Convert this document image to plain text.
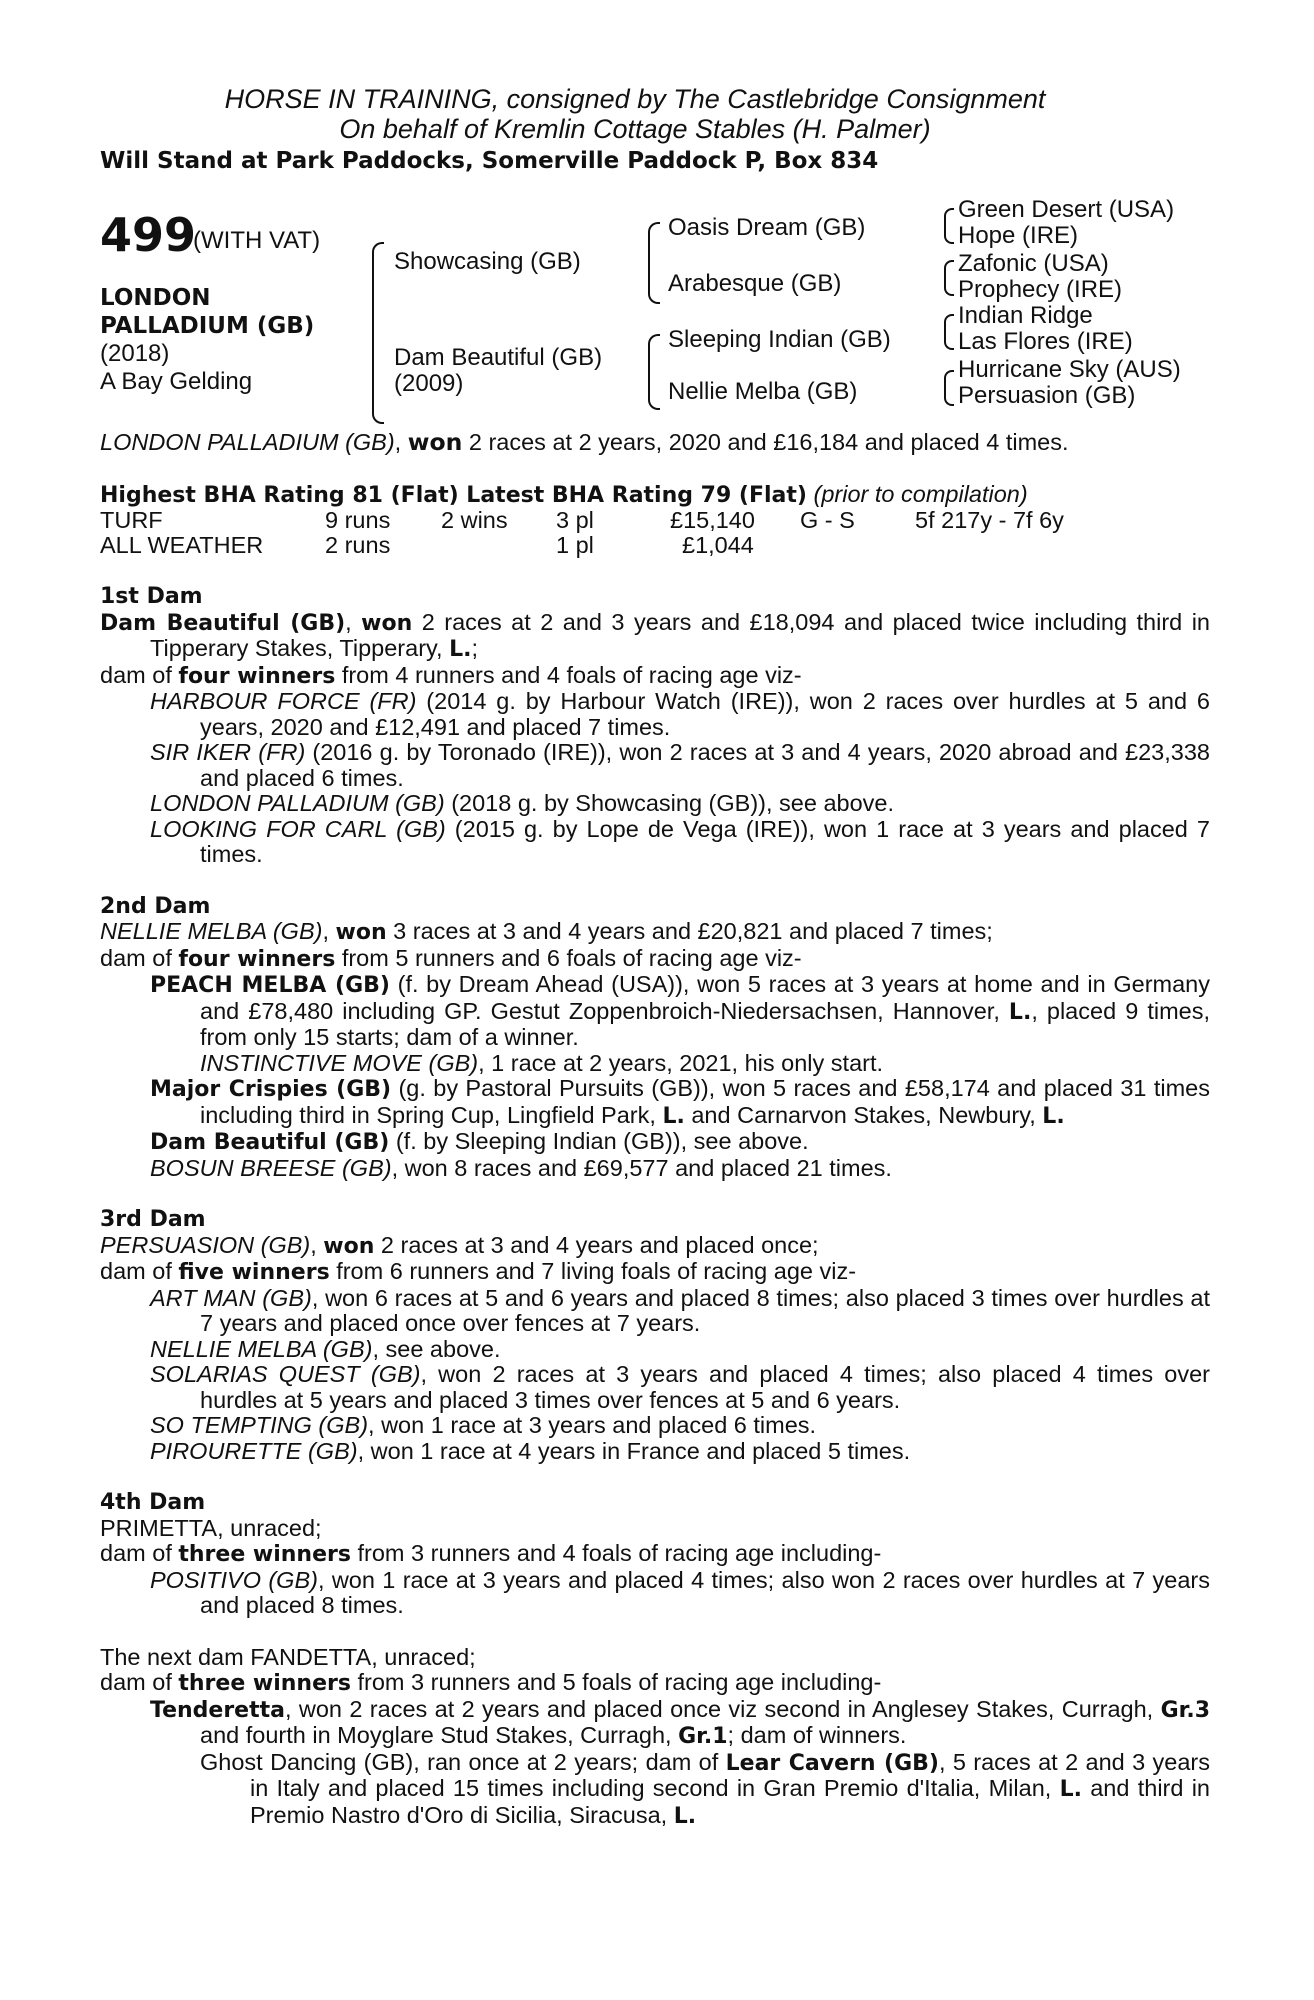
HORSE IN TRAINING, consigned by The Castlebridge Consignment
On behalf of Kremlin Cottage Stables (H. Palmer)
Will Stand at Park Paddocks, Somerville Paddock P, Box 834
499
(WITH VAT)
LONDON
PALLADIUM (GB)
(2018)
A Bay Gelding
Showcasing (GB)
Dam Beautiful (GB)
(2009)
Oasis Dream (GB)
Arabesque (GB)
Sleeping Indian (GB)
Nellie Melba (GB)
Green Desert (USA)
Hope (IRE)
Zafonic (USA)
Prophecy (IRE)
Indian Ridge
Las Flores (IRE)
Hurricane Sky (AUS)
Persuasion (GB)

LONDON PALLADIUM (GB), won 2 races at 2 years, 2020 and £16,184 and placed 4 times.

Highest BHA Rating 81 (Flat) Latest BHA Rating 79 (Flat) (prior to compilation)

TURF	9 runs 2 wins 3 pl	£15,140 G - S	5f 217y - 7f 6y
ALL WEATHER	2 runs	1 pl	£1,044

1st Dam

Dam Beautiful (GB), won 2 races at 2 and 3 years and £18,094 and placed twice including third in Tipperary Stakes, Tipperary, L.;

dam of four winners from 4 runners and 4 foals of racing age viz-

HARBOUR FORCE (FR) (2014 g. by Harbour Watch (IRE)), won 2 races over hurdles at 5 and 6 years, 2020 and £12,491 and placed 7 times.

SIR IKER (FR) (2016 g. by Toronado (IRE)), won 2 races at 3 and 4 years, 2020 abroad and £23,338 and placed 6 times.

LONDON PALLADIUM (GB) (2018 g. by Showcasing (GB)), see above.

LOOKING FOR CARL (GB) (2015 g. by Lope de Vega (IRE)), won 1 race at 3 years and placed 7 times.

2nd Dam

NELLIE MELBA (GB), won 3 races at 3 and 4 years and £20,821 and placed 7 times;

dam of four winners from 5 runners and 6 foals of racing age viz-

PEACH MELBA (GB) (f. by Dream Ahead (USA)), won 5 races at 3 years at home and in Germany and £78,480 including GP. Gestut Zoppenbroich-Niedersachsen, Hannover, L., placed 9 times, from only 15 starts; dam of a winner.

INSTINCTIVE MOVE (GB), 1 race at 2 years, 2021, his only start.

Major Crispies (GB) (g. by Pastoral Pursuits (GB)), won 5 races and £58,174 and placed 31 times including third in Spring Cup, Lingfield Park, L. and Carnarvon Stakes, Newbury, L.

Dam Beautiful (GB) (f. by Sleeping Indian (GB)), see above.

BOSUN BREESE (GB), won 8 races and £69,577 and placed 21 times.

3rd Dam

PERSUASION (GB), won 2 races at 3 and 4 years and placed once;

dam of five winners from 6 runners and 7 living foals of racing age viz-

ART MAN (GB), won 6 races at 5 and 6 years and placed 8 times; also placed 3 times over hurdles at 7 years and placed once over fences at 7 years.

NELLIE MELBA (GB), see above.

SOLARIAS QUEST (GB), won 2 races at 3 years and placed 4 times; also placed 4 times over hurdles at 5 years and placed 3 times over fences at 5 and 6 years.

SO TEMPTING (GB), won 1 race at 3 years and placed 6 times.

PIROURETTE (GB), won 1 race at 4 years in France and placed 5 times.

4th Dam

PRIMETTA, unraced;

dam of three winners from 3 runners and 4 foals of racing age including-

POSITIVO (GB), won 1 race at 3 years and placed 4 times; also won 2 races over hurdles at 7 years and placed 8 times.

The next dam FANDETTA, unraced;

dam of three winners from 3 runners and 5 foals of racing age including-

Tenderetta, won 2 races at 2 years and placed once viz second in Anglesey Stakes, Curragh, Gr.3 and fourth in Moyglare Stud Stakes, Curragh, Gr.1; dam of winners.

Ghost Dancing (GB), ran once at 2 years; dam of Lear Cavern (GB), 5 races at 2 and 3 years in Italy and placed 15 times including second in Gran Premio d'Italia, Milan, L. and third in Premio Nastro d'Oro di Sicilia, Siracusa, L.
